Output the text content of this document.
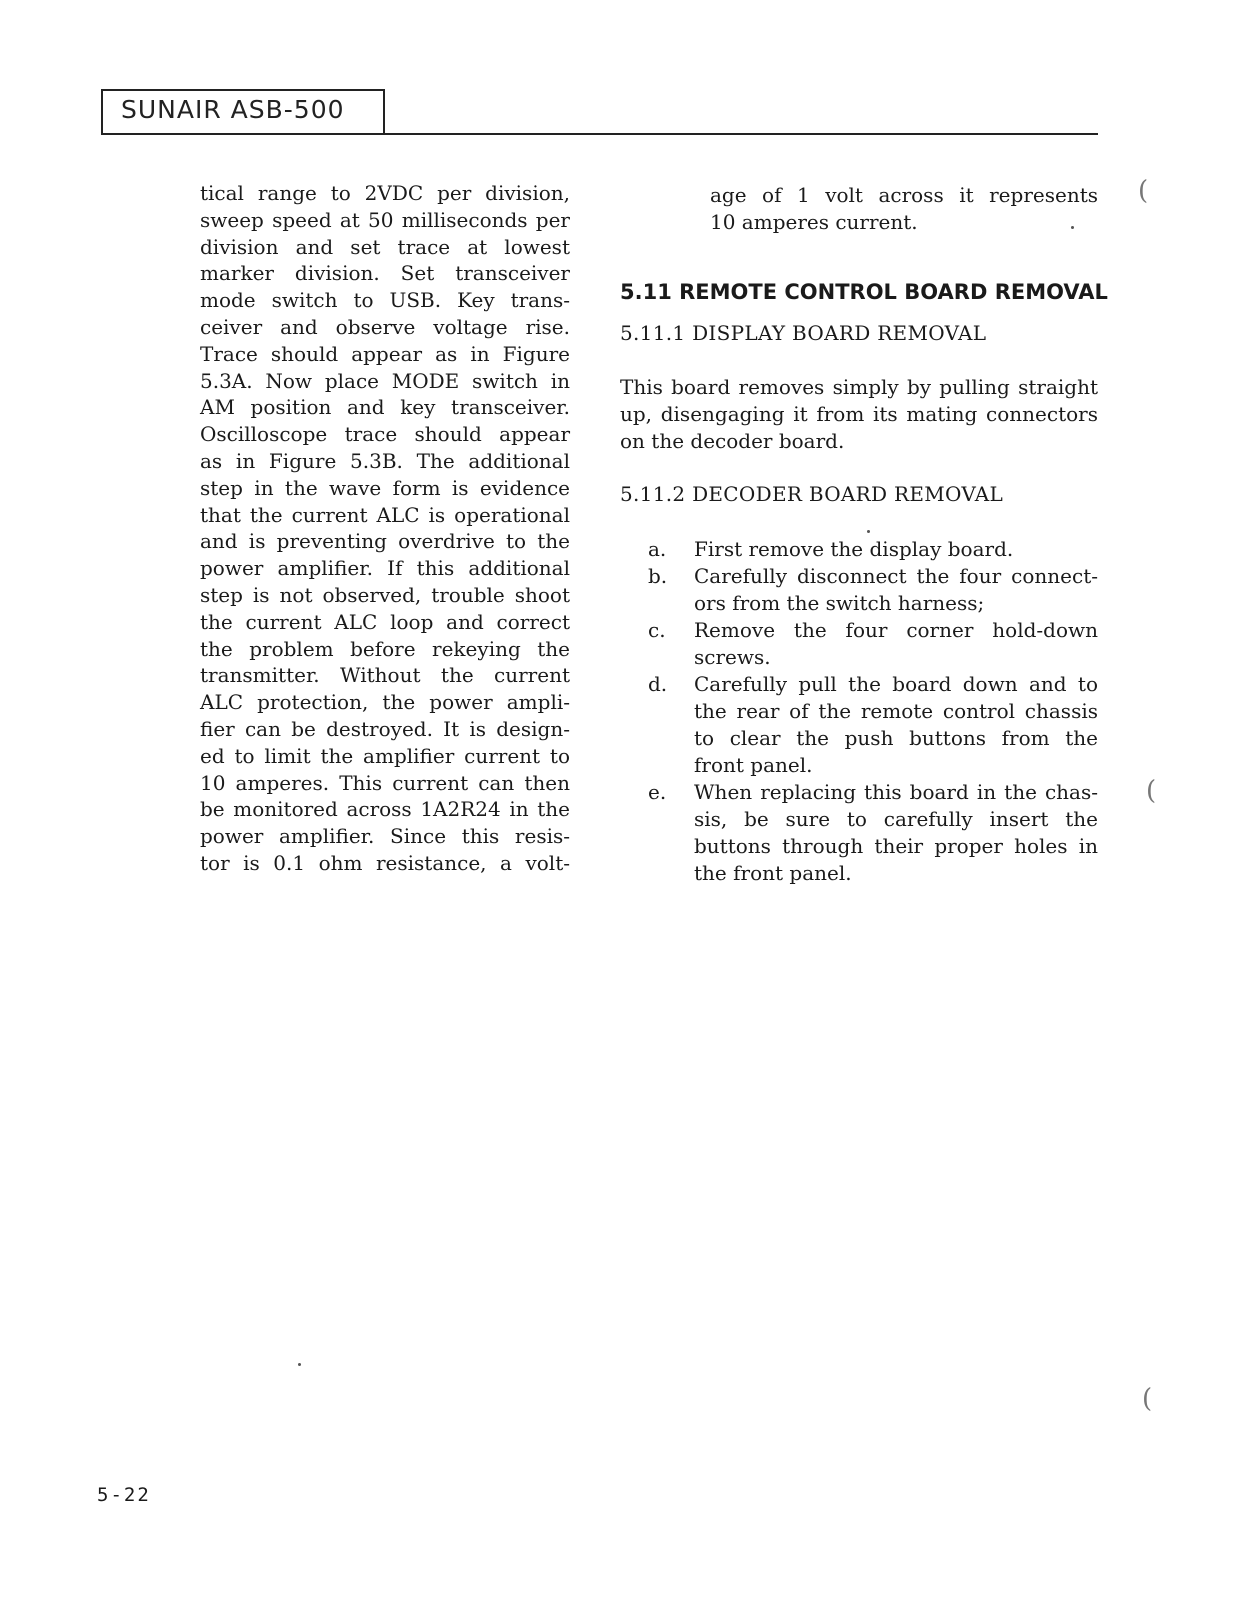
SUNAIR ASB-500
tical range to 2VDC per division,
sweep speed at 50 milliseconds per
division and set trace at lowest
marker division. Set transceiver
mode switch to USB. Key trans-
ceiver and observe voltage rise.
Trace should appear as in Figure
5.3A. Now place MODE switch in
AM position and key transceiver.
Oscilloscope trace should appear
as in Figure 5.3B. The additional
step in the wave form is evidence
that the current ALC is operational
and is preventing overdrive to the
power amplifier. If this additional
step is not observed, trouble shoot
the current ALC loop and correct
the problem before rekeying the
transmitter. Without the current
ALC protection, the power ampli-
fier can be destroyed. It is design-
ed to limit the amplifier current to
10 amperes. This current can then
be monitored across 1A2R24 in the
power amplifier. Since this resis-
tor is 0.1 ohm resistance, a volt-
age of 1 volt across it represents
10 amperes current.
5.11 REMOTE CONTROL BOARD REMOVAL
5.11.1 DISPLAY BOARD REMOVAL
This board removes simply by pulling straight
up, disengaging it from its mating connectors
on the decoder board.
5.11.2 DECODER BOARD REMOVAL
a.	First remove the display board.
b.	Carefully disconnect the four connect-
ors from the switch harness;
c.	Remove the four corner hold-down
screws.
d.	Carefully pull the board down and to
the rear of the remote control chassis
to clear the push buttons from the
front panel.
e.	When replacing this board in the chas-
sis, be sure to carefully insert the
buttons through their proper holes in
the front panel.
5-22
(
(
(
